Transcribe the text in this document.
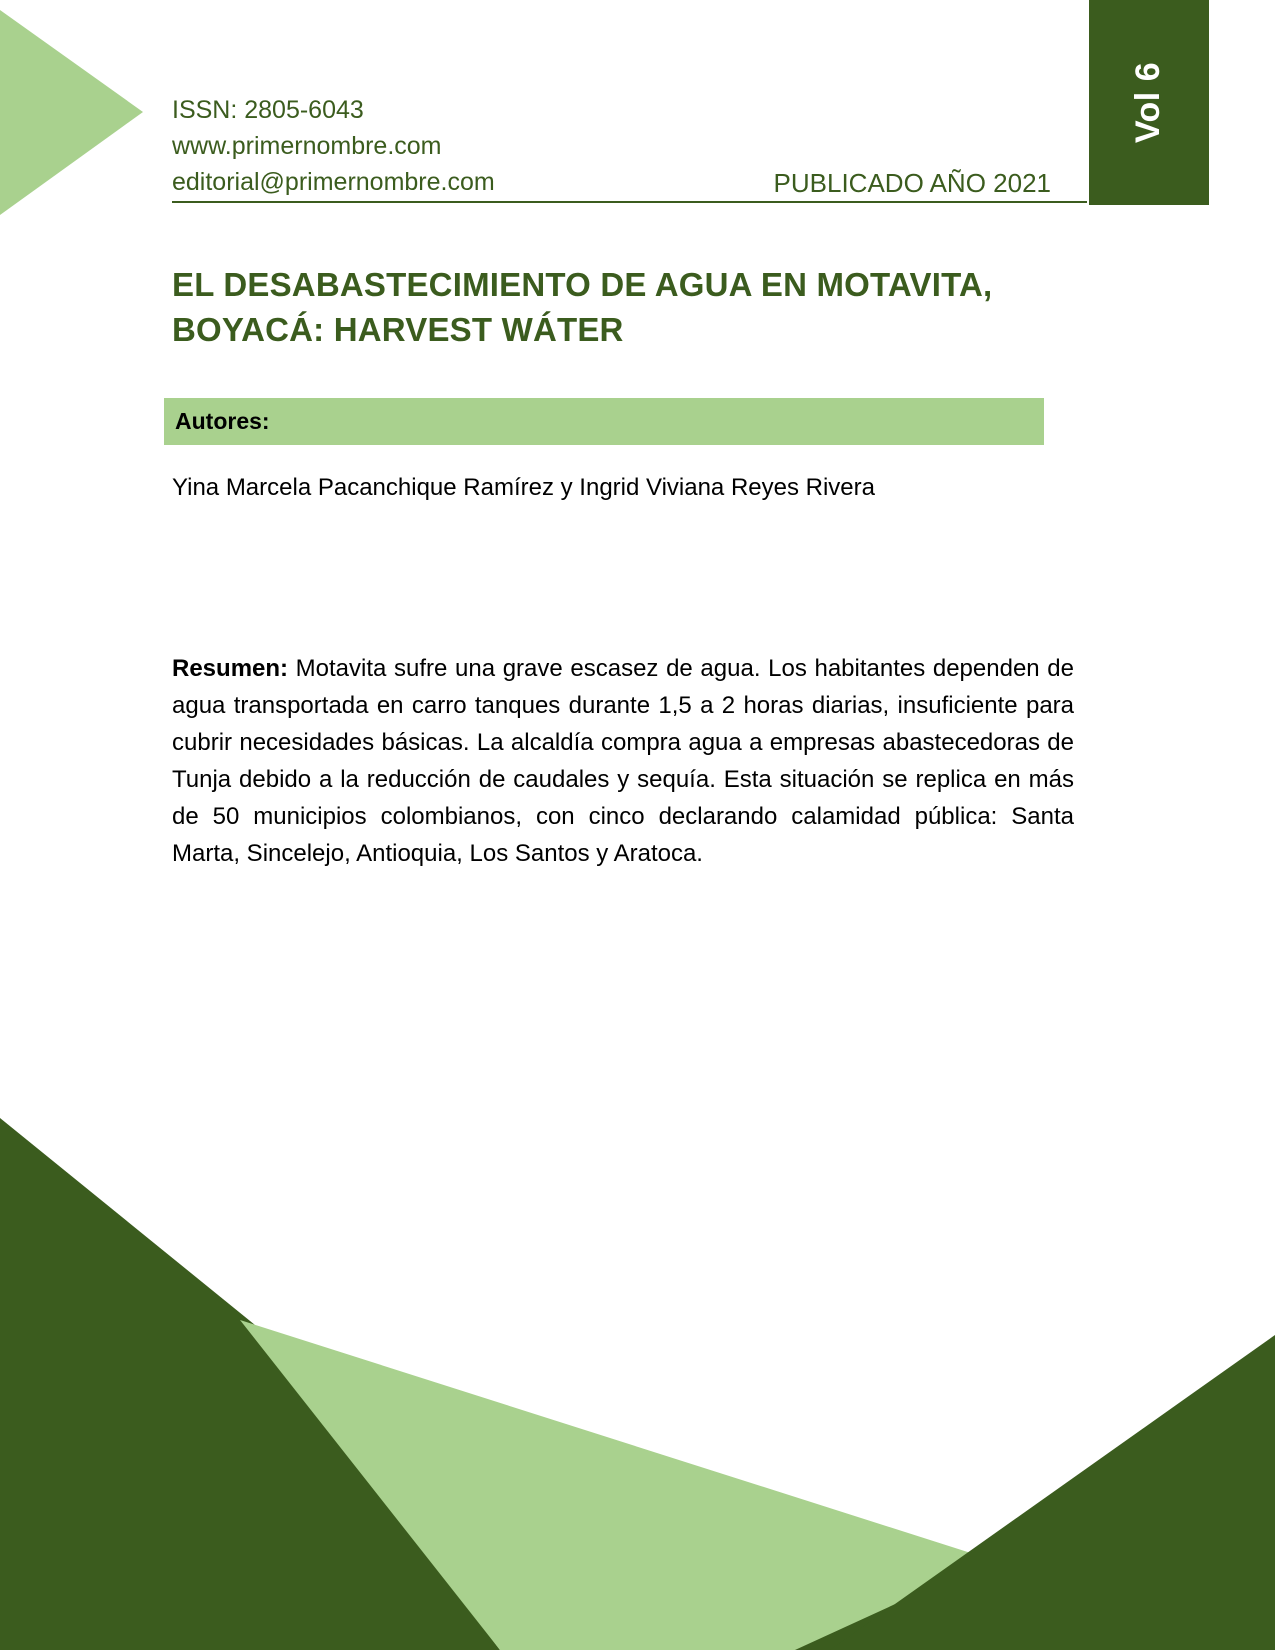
Vol 6
ISSN: 2805-6043
www.primernombre.com
editorial@primernombre.com	PUBLICADO AÑO 2021
EL DESABASTECIMIENTO DE AGUA EN MOTAVITA, BOYACÁ: HARVEST WÁTER
Autores:
Yina Marcela Pacanchique Ramírez y Ingrid Viviana Reyes Rivera
Resumen: Motavita sufre una grave escasez de agua. Los habitantes dependen de agua transportada en carro tanques durante 1,5 a 2 horas diarias, insuficiente para cubrir necesidades básicas. La alcaldía compra agua a empresas abastecedoras de Tunja debido a la reducción de caudales y sequía. Esta situación se replica en más de 50 municipios colombianos, con cinco declarando calamidad pública: Santa Marta, Sincelejo, Antioquia, Los Santos y Aratoca.
